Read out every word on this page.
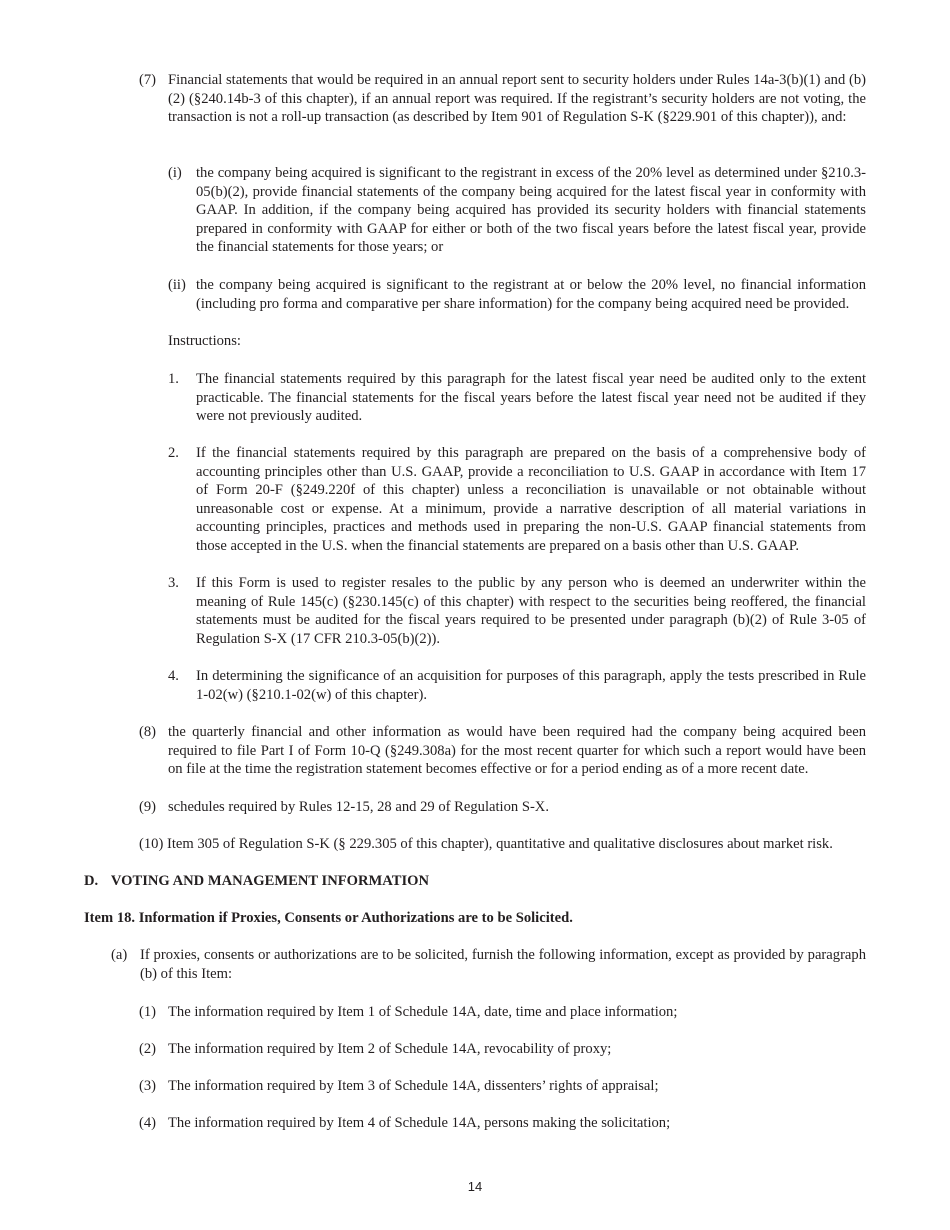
(7) Financial statements that would be required in an annual report sent to security holders under Rules 14a-3(b)(1) and (b)(2) (§240.14b-3 of this chapter), if an annual report was required. If the registrant’s security holders are not voting, the transaction is not a roll-up transaction (as described by Item 901 of Regulation S-K (§229.901 of this chapter)), and:
(i) the company being acquired is significant to the registrant in excess of the 20% level as determined under §210.3-05(b)(2), provide financial statements of the company being acquired for the latest fiscal year in conformity with GAAP. In addition, if the company being acquired has provided its security holders with financial statements prepared in conformity with GAAP for either or both of the two fiscal years before the latest fiscal year, provide the financial statements for those years; or
(ii) the company being acquired is significant to the registrant at or below the 20% level, no financial information (including pro forma and comparative per share information) for the company being acquired need be provided.
Instructions:
1. The financial statements required by this paragraph for the latest fiscal year need be audited only to the extent practicable. The financial statements for the fiscal years before the latest fiscal year need not be audited if they were not previously audited.
2. If the financial statements required by this paragraph are prepared on the basis of a comprehensive body of accounting principles other than U.S. GAAP, provide a reconciliation to U.S. GAAP in accordance with Item 17 of Form 20-F (§249.220f of this chapter) unless a reconciliation is unavailable or not obtainable without unreasonable cost or expense. At a minimum, provide a narrative description of all material variations in accounting principles, practices and methods used in preparing the non-U.S. GAAP financial statements from those accepted in the U.S. when the financial statements are prepared on a basis other than U.S. GAAP.
3. If this Form is used to register resales to the public by any person who is deemed an underwriter within the meaning of Rule 145(c) (§230.145(c) of this chapter) with respect to the securities being reoffered, the financial statements must be audited for the fiscal years required to be presented under paragraph (b)(2) of Rule 3-05 of Regulation S-X (17 CFR 210.3-05(b)(2)).
4. In determining the significance of an acquisition for purposes of this paragraph, apply the tests prescribed in Rule 1-02(w) (§210.1-02(w) of this chapter).
(8) the quarterly financial and other information as would have been required had the company being acquired been required to file Part I of Form 10-Q (§249.308a) for the most recent quarter for which such a report would have been on file at the time the registration statement becomes effective or for a period ending as of a more recent date.
(9) schedules required by Rules 12-15, 28 and 29 of Regulation S-X.
(10) Item 305 of Regulation S-K (§ 229.305 of this chapter), quantitative and qualitative disclosures about market risk.
D. VOTING AND MANAGEMENT INFORMATION
Item 18. Information if Proxies, Consents or Authorizations are to be Solicited.
(a) If proxies, consents or authorizations are to be solicited, furnish the following information, except as provided by paragraph (b) of this Item:
(1) The information required by Item 1 of Schedule 14A, date, time and place information;
(2) The information required by Item 2 of Schedule 14A, revocability of proxy;
(3) The information required by Item 3 of Schedule 14A, dissenters’ rights of appraisal;
(4) The information required by Item 4 of Schedule 14A, persons making the solicitation;
14
